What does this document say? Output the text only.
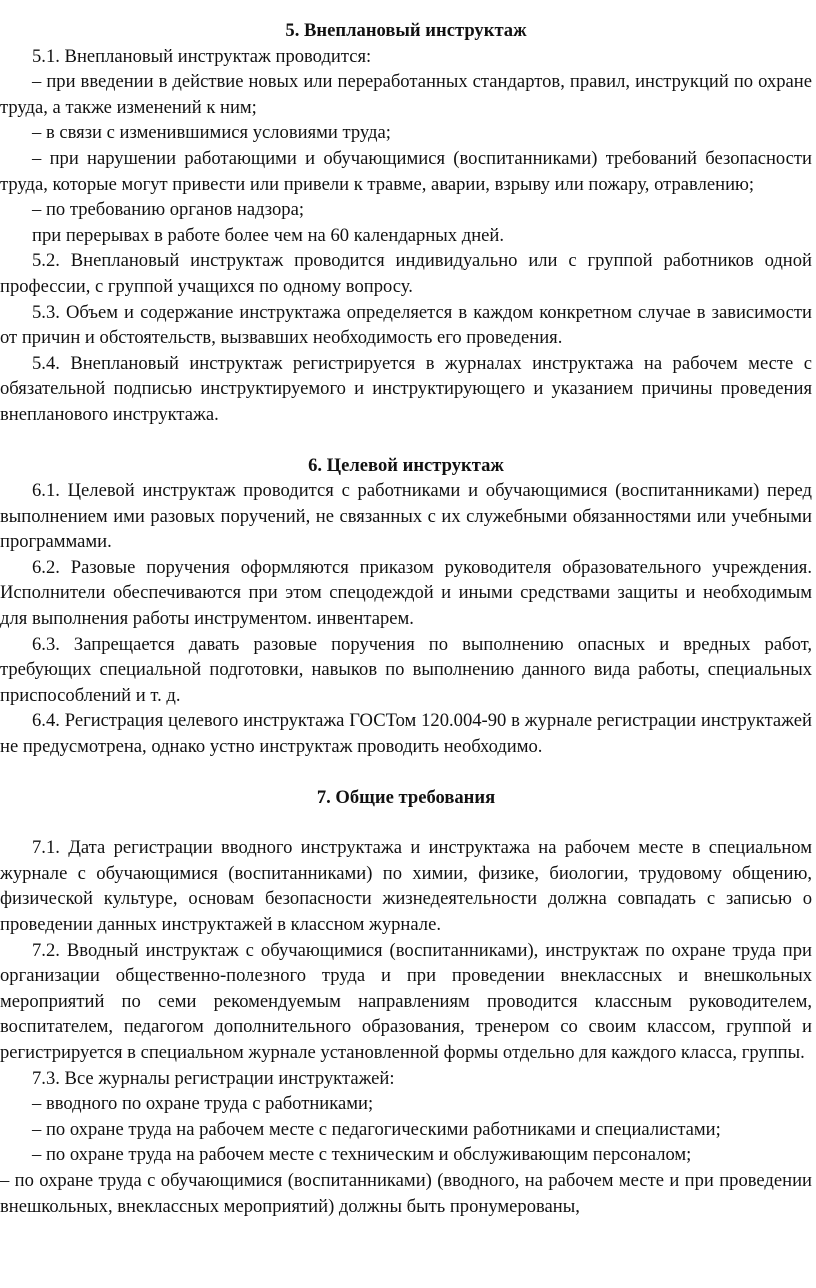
5. Внеплановый инструктаж

5.1. Внеплановый инструктаж проводится:

– при введении в действие новых или переработанных стандартов, правил, инструкций по охране труда, а также изменений к ним;

– в связи с изменившимися условиями труда;

– при нарушении работающими и обучающимися (воспитанниками) требований безопасности труда, которые могут привести или привели к травме, аварии, взрыву или пожару, отравлению;

– по требованию органов надзора;

при перерывах в работе более чем на 60 календарных дней.

5.2. Внеплановый инструктаж проводится индивидуально или с группой работников одной профессии, с группой учащихся по одному вопросу.

5.3. Объем и содержание инструктажа определяется в каждом конкретном случае в зависимости от причин и обстоятельств, вызвавших необходимость его проведения.

5.4. Внеплановый инструктаж регистрируется в журналах инструктажа на рабочем месте с обязательной подписью инструктируемого и инструктирующего и указанием причины проведения внепланового инструктажа.

6. Целевой инструктаж

6.1. Целевой инструктаж проводится с работниками и обучающимися (воспитанниками) перед выполнением ими разовых поручений, не связанных с их служебными обязанностями или учебными программами.

6.2. Разовые поручения оформляются приказом руководителя образовательного учреждения. Исполнители обеспечиваются при этом спецодеждой и иными средствами защиты и необходимым для выполнения работы инструментом. инвентарем.

6.3. Запрещается давать разовые поручения по выполнению опасных и вредных работ, требующих специальной подготовки, навыков по выполнению данного вида работы, специальных приспособлений и т. д.

6.4. Регистрация целевого инструктажа ГОСТом 120.004-90 в журнале регистрации инструктажей не предусмотрена, однако устно инструктаж проводить необходимо.

7. Общие требования

7.1. Дата регистрации вводного инструктажа и инструктажа на рабочем месте в специальном журнале с обучающимися (воспитанниками) по химии, физике, биологии, трудовому общению, физической культуре, основам безопасности жизнедеятельности должна совпадать с записью о проведении данных инструктажей в классном журнале.

7.2. Вводный инструктаж с обучающимися (воспитанниками), инструктаж по охране труда при организации общественно-полезного труда и при проведении внеклассных и внешкольных мероприятий по семи рекомендуемым направлениям проводится классным руководителем, воспитателем, педагогом дополнительного образования, тренером со своим классом, группой и регистрируется в специальном журнале установленной формы отдельно для каждого класса, группы.

7.3. Все журналы регистрации инструктажей:

– вводного по охране труда с работниками;

– по охране труда на рабочем месте с педагогическими работниками и специалистами;

– по охране труда на рабочем месте с техническим и обслуживающим персоналом;

– по охране труда с обучающимися (воспитанниками) (вводного, на рабочем месте и при проведении внешкольных, внеклассных мероприятий) должны быть пронумерованы,
